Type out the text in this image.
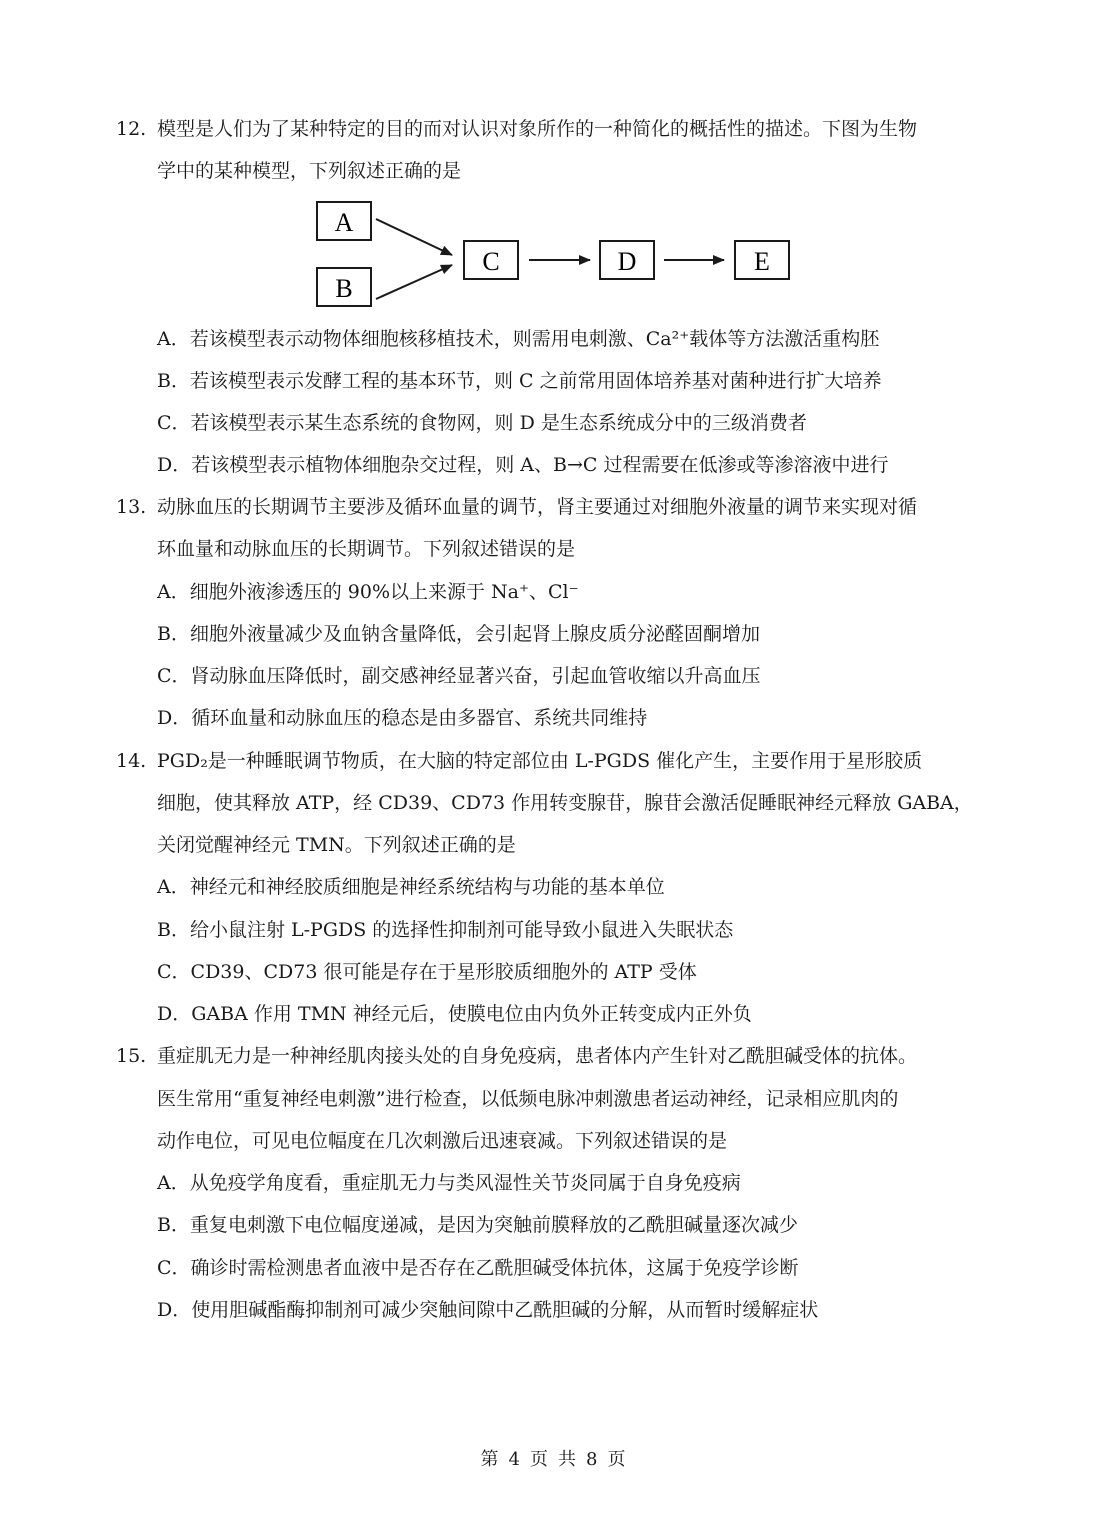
12. 模型是人们为了某种特定的目的而对认识对象所作的一种简化的概括性的描述。下图为生物
学中的某种模型，下列叙述正确的是
A
B
C	D	E
A．若该模型表示动物体细胞核移植技术，则需用电刺激、Ca²⁺载体等方法激活重构胚
B．若该模型表示发酵工程的基本环节，则 C 之前常用固体培养基对菌种进行扩大培养
C．若该模型表示某生态系统的食物网，则 D 是生态系统成分中的三级消费者
D．若该模型表示植物体细胞杂交过程，则 A、B→C 过程需要在低渗或等渗溶液中进行
13. 动脉血压的长期调节主要涉及循环血量的调节，肾主要通过对细胞外液量的调节来实现对循
环血量和动脉血压的长期调节。下列叙述错误的是
A．细胞外液渗透压的 90%以上来源于 Na⁺、Cl⁻
B．细胞外液量减少及血钠含量降低，会引起肾上腺皮质分泌醛固酮增加
C．肾动脉血压降低时，副交感神经显著兴奋，引起血管收缩以升高血压
D．循环血量和动脉血压的稳态是由多器官、系统共同维持
14. PGD₂是一种睡眠调节物质，在大脑的特定部位由 L-PGDS 催化产生，主要作用于星形胶质
细胞，使其释放 ATP，经 CD39、CD73 作用转变腺苷，腺苷会激活促睡眠神经元释放 GABA，
关闭觉醒神经元 TMN。下列叙述正确的是
A．神经元和神经胶质细胞是神经系统结构与功能的基本单位
B．给小鼠注射 L-PGDS 的选择性抑制剂可能导致小鼠进入失眠状态
C．CD39、CD73 很可能是存在于星形胶质细胞外的 ATP 受体
D．GABA 作用 TMN 神经元后，使膜电位由内负外正转变成内正外负
15. 重症肌无力是一种神经肌肉接头处的自身免疫病，患者体内产生针对乙酰胆碱受体的抗体。
医生常用“重复神经电刺激”进行检查，以低频电脉冲刺激患者运动神经，记录相应肌肉的
动作电位，可见电位幅度在几次刺激后迅速衰减。下列叙述错误的是
A．从免疫学角度看，重症肌无力与类风湿性关节炎同属于自身免疫病
B．重复电刺激下电位幅度递减，是因为突触前膜释放的乙酰胆碱量逐次减少
C．确诊时需检测患者血液中是否存在乙酰胆碱受体抗体，这属于免疫学诊断
D．使用胆碱酯酶抑制剂可减少突触间隙中乙酰胆碱的分解，从而暂时缓解症状
第 4 页 共 8 页
